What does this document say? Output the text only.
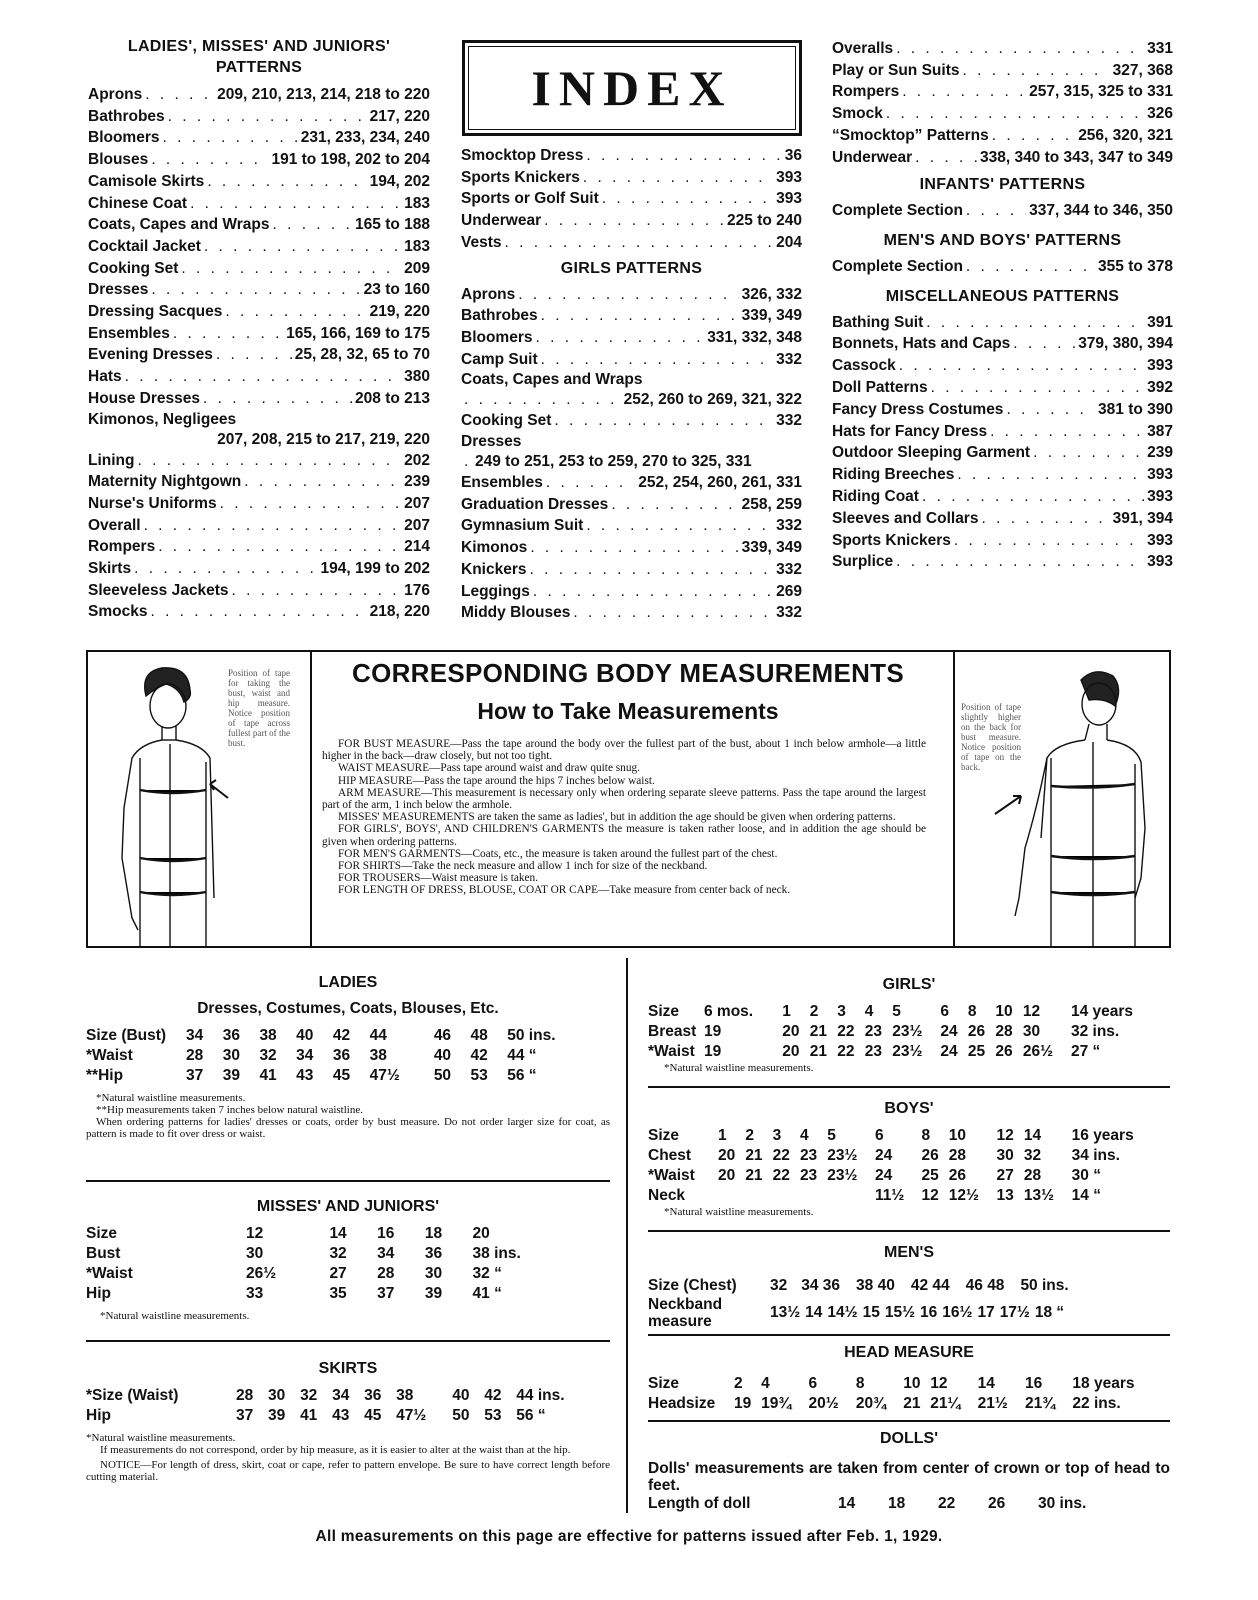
LADIES', MISSES' AND JUNIORS' PATTERNS
Aprons . . .	209, 210, 213, 214, 218 to 220
Bathrobes . . .	217, 220
Bloomers . . .	231, 233, 234, 240
Blouses . . .	191 to 198, 202 to 204
Camisole Skirts . . .	194, 202
Chinese Coat . . .	183
Coats, Capes and Wraps . . .	165 to 188
Cocktail Jacket . . .	183
Cooking Set . . .	209
Dresses . . .	23 to 160
Dressing Sacques . . .	219, 220
Ensembles . . .	165, 166, 169 to 175
Evening Dresses . . .	25, 28, 32, 65 to 70
Hats . . .	380
House Dresses . . .	208 to 213
Kimonos, Negligees
207, 208, 215 to 217, 219, 220
Lining . . .	202
Maternity Nightgown . . .	239
Nurse's Uniforms . . .	207
Overall . . .	207
Rompers . . .	214
Skirts . . .	194, 199 to 202
Sleeveless Jackets . . .	176
Smocks . . .	218, 220
INDEX
Smocktop Dress . . .	36
Sports Knickers . . .	393
Sports or Golf Suit . . .	393
Underwear . . .	225 to 240
Vests . . .	204
GIRLS PATTERNS
Aprons . . .	326, 332
Bathrobes . . .	339, 349
Bloomers . . .	331, 332, 348
Camp Suit . . .	332
Coats, Capes and Wraps
. . .
252, 260 to 269, 321, 322
Cooking Set . . .	332
Dresses
. . .
249 to 251, 253 to 259, 270 to 325, 331
Ensembles . . .	252, 254, 260, 261, 331
Graduation Dresses . . .	258, 259
Gymnasium Suit . . .	332
Kimonos . . .	339, 349
Knickers . . .	332
Leggings . . .	269
Middy Blouses . . .	332
Overalls . . .	331
Play or Sun Suits . . .	327, 368
Rompers . . .	257, 315, 325 to 331
Smock . . .	326
“Smocktop” Patterns . . .	256, 320, 321
Underwear . . .	338, 340 to 343, 347 to 349
INFANTS' PATTERNS
Complete Section . . .	337, 344 to 346, 350
MEN'S AND BOYS' PATTERNS
Complete Section . . .	355 to 378
MISCELLANEOUS PATTERNS
Bathing Suit . . .	391
Bonnets, Hats and Caps . . .	379, 380, 394
Cassock . . .	393
Doll Patterns . . .	392
Fancy Dress Costumes . . .	381 to 390
Hats for Fancy Dress . . .	387
Outdoor Sleeping Garment . . .	239
Riding Breeches . . .	393
Riding Coat . . .	393
Sleeves and Collars . . .	391, 394
Sports Knickers . . .	393
Surplice . . .	393
Position of tape for taking the bust, waist and hip measure. Notice position of tape across fullest part of the bust.
CORRESPONDING BODY MEASUREMENTS
How to Take Measurements

FOR BUST MEASURE—Pass the tape around the body over the fullest part of the bust, about 1 inch below armhole—a little higher in the back—draw closely, but not too tight.

WAIST MEASURE—Pass tape around waist and draw quite snug.

HIP MEASURE—Pass the tape around the hips 7 inches below waist.

ARM MEASURE—This measurement is necessary only when ordering separate sleeve patterns. Pass the tape around the largest part of the arm, 1 inch below the armhole.

MISSES' MEASUREMENTS are taken the same as ladies', but in addition the age should be given when ordering patterns.

FOR GIRLS', BOYS', AND CHILDREN'S GARMENTS the measure is taken rather loose, and in addition the age should be given when ordering patterns.

FOR MEN'S GARMENTS—Coats, etc., the measure is taken around the fullest part of the chest.

FOR SHIRTS—Take the neck measure and allow 1 inch for size of the neckband.

FOR TROUSERS—Waist measure is taken.

FOR LENGTH OF DRESS, BLOUSE, COAT OR CAPE—Take measure from center back of neck.

Position of tape slightly higher on the back for bust measure. Notice position of tape on the back.
LADIES
Dresses, Costumes, Coats, Blouses, Etc.
Size (Bust)	34	36	38	40	42	44	46	48	50 ins.
*Waist	28	30	32	34	36	38	40	42	44 “
**Hip	37	39	41	43	45	47½	50	53	56 “
*Natural waistline measurements.
**Hip measurements taken 7 inches below natural waistline.
When ordering patterns for ladies' dresses or coats, order by bust measure. Do not order larger size for coat, as pattern is made to fit over dress or waist.
MISSES' AND JUNIORS'
Size	12	14	16	18	20
Bust	30	32	34	36	38 ins.
*Waist	26½	27	28	30	32 “
Hip	33	35	37	39	41 “
*Natural waistline measurements.
SKIRTS
*Size (Waist)	28	30	32	34	36	38	40	42	44 ins.
Hip	37	39	41	43	45	47½	50	53	56 “
*Natural waistline measurements.
If measurements do not correspond, order by hip measure, as it is easier to alter at the waist than at the hip.
NOTICE—For length of dress, skirt, coat or cape, refer to pattern envelope. Be sure to have correct length before cutting material.
GIRLS'
Size	6 mos.	1	2	3	4	5	6	8	10	12	14 years
Breast	19	20	21	22	23	23½	24	26	28	30	32 ins.
*Waist	19	20	21	22	23	23½	24	25	26	26½	27 “
*Natural waistline measurements.
BOYS'
Size	1	2	3	4	5	6	8	10	12	14	16 years
Chest	20	21	22	23	23½	24	26	28	30	32	34 ins.
*Waist	20	21	22	23	23½	24	25	26	27	28	30 “
Neck						11½	12	12½	13	13½	14 “
*Natural waistline measurements.
MEN'S
Size (Chest)	32 34 36 38 40 42 44 46 48 50 ins.
Neckband measure	13½ 14 14½ 15 15½ 16 16½ 17 17½ 18 “
HEAD MEASURE
Size	2	4	6	8	10	12	14	16	18 years
Headsize	19	19¾	20½	20¾	21	21¼	21½	21¾	22 ins.
DOLLS'
Dolls' measurements are taken from center of crown or top of head to feet.
Length of doll	14	18	22	26	30 ins.
All measurements on this page are effective for patterns issued after Feb. 1, 1929.
